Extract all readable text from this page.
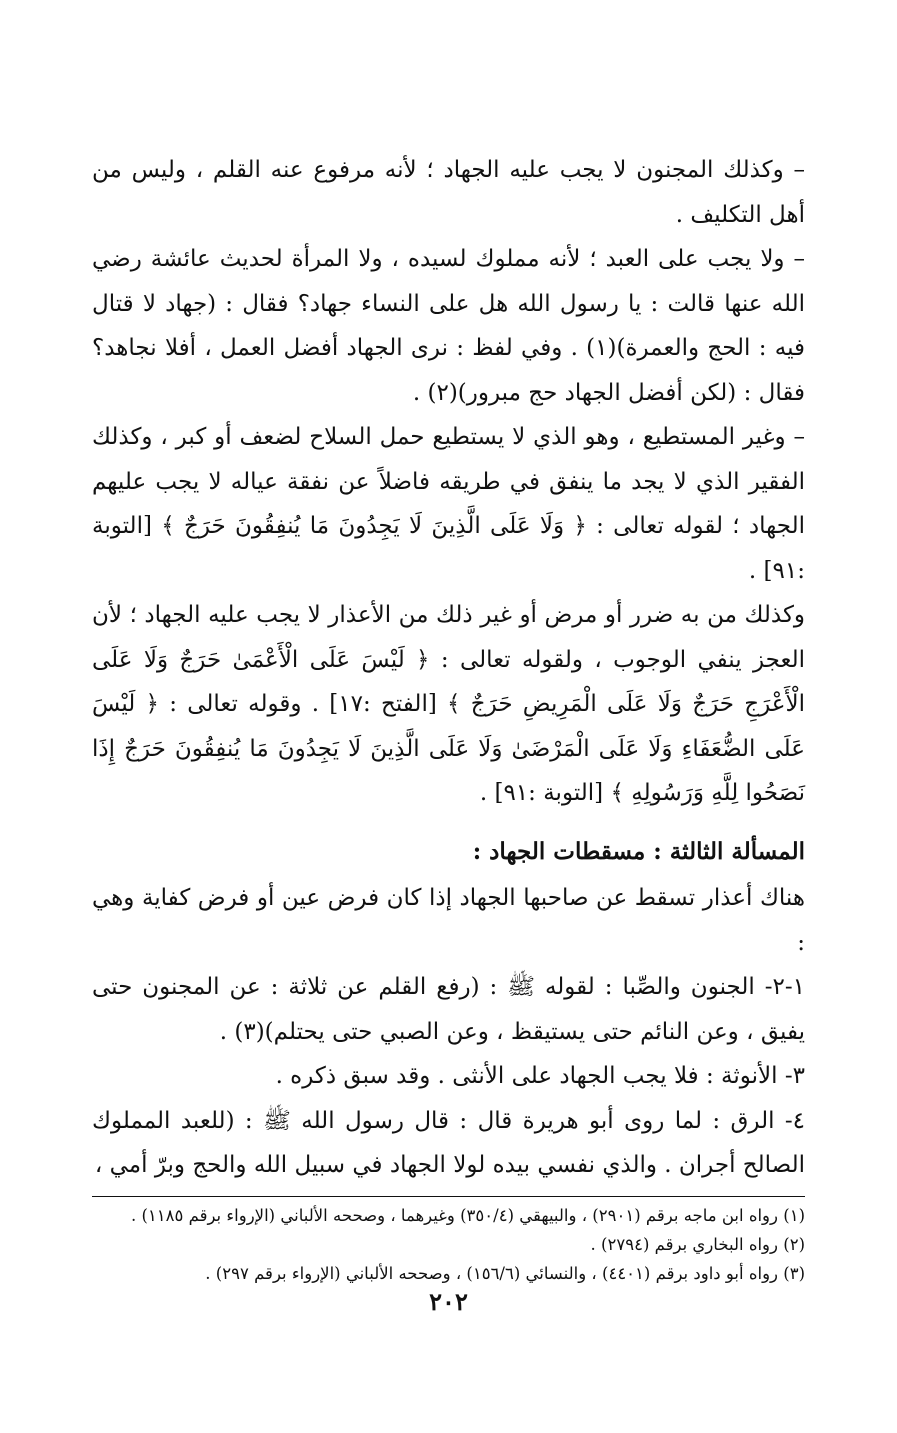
– وكذلك المجنون لا يجب عليه الجهاد ؛ لأنه مرفوع عنه القلم ، وليس من أهل التكليف .

– ولا يجب على العبد ؛ لأنه مملوك لسيده ، ولا المرأة لحديث عائشة رضي الله عنها قالت : يا رسول الله هل على النساء جهاد؟ فقال : (جهاد لا قتال فيه : الحج والعمرة)(١) . وفي لفظ : نرى الجهاد أفضل العمل ، أفلا نجاهد؟ فقال : (لكن أفضل الجهاد حج مبرور)(٢) .

– وغير المستطيع ، وهو الذي لا يستطيع حمل السلاح لضعف أو كبر ، وكذلك الفقير الذي لا يجد ما ينفق في طريقه فاضلاً عن نفقة عياله لا يجب عليهم الجهاد ؛ لقوله تعالى : ﴿ وَلَا عَلَى الَّذِينَ لَا يَجِدُونَ مَا يُنفِقُونَ حَرَجٌ ﴾ [التوبة :٩١] .

وكذلك من به ضرر أو مرض أو غير ذلك من الأعذار لا يجب عليه الجهاد ؛ لأن العجز ينفي الوجوب ، ولقوله تعالى : ﴿ لَيْسَ عَلَى الْأَعْمَىٰ حَرَجٌ وَلَا عَلَى الْأَعْرَجِ حَرَجٌ وَلَا عَلَى الْمَرِيضِ حَرَجٌ ﴾ [الفتح :١٧] . وقوله تعالى : ﴿ لَيْسَ عَلَى الضُّعَفَاءِ وَلَا عَلَى الْمَرْضَىٰ وَلَا عَلَى الَّذِينَ لَا يَجِدُونَ مَا يُنفِقُونَ حَرَجٌ إِذَا نَصَحُوا لِلَّهِ وَرَسُولِهِ ﴾ [التوبة :٩١] .

المسألة الثالثة : مسقطات الجهاد :

هناك أعذار تسقط عن صاحبها الجهاد إذا كان فرض عين أو فرض كفاية وهي :

١-٢- الجنون والصِّبا : لقوله ﷺ : (رفع القلم عن ثلاثة : عن المجنون حتى يفيق ، وعن النائم حتى يستيقظ ، وعن الصبي حتى يحتلم)(٣) .

٣- الأنوثة : فلا يجب الجهاد على الأنثى . وقد سبق ذكره .

٤- الرق : لما روى أبو هريرة قال : قال رسول الله ﷺ : (للعبد المملوك الصالح أجران . والذي نفسي بيده لولا الجهاد في سبيل الله والحج وبرّ أمي ،

(١) رواه ابن ماجه برقم (٢٩٠١) ، والبيهقي (٣٥٠/٤) وغيرهما ، وصححه الألباني (الإرواء برقم ١١٨٥) .
(٢) رواه البخاري برقم (٢٧٩٤) .
(٣) رواه أبو داود برقم (٤٤٠١) ، والنسائي (١٥٦/٦) ، وصححه الألباني (الإرواء برقم ٢٩٧) .
٢٠٢
